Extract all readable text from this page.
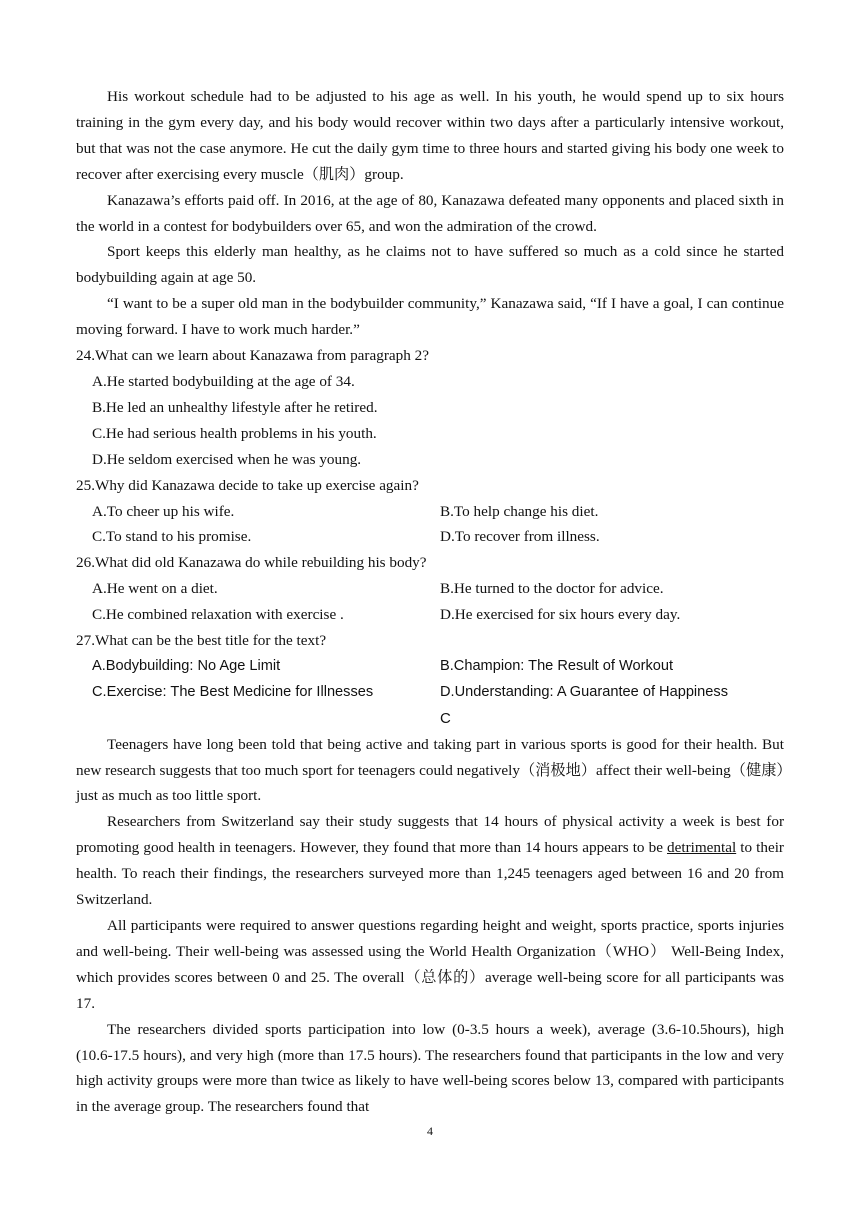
His workout schedule had to be adjusted to his age as well. In his youth, he would spend up to six hours training in the gym every day, and his body would recover within two days after a particularly intensive workout, but that was not the case anymore. He cut the daily gym time to three hours and started giving his body one week to recover after exercising every muscle（肌肉）group.

Kanazawa’s efforts paid off. In 2016, at the age of 80, Kanazawa defeated many opponents and placed sixth in the world in a contest for bodybuilders over 65, and won the admiration of the crowd.

Sport keeps this elderly man healthy, as he claims not to have suffered so much as a cold since he started bodybuilding again at age 50.

“I want to be a super old man in the bodybuilder community,” Kanazawa said, “If I have a goal, I can continue moving forward. I have to work much harder.”

24.What can we learn about Kanazawa from paragraph 2?

A.He started bodybuilding at the age of 34.

B.He led an unhealthy lifestyle after he retired.

C.He had serious health problems in his youth.

D.He seldom exercised when he was young.

25.Why did Kanazawa decide to take up exercise again?

A.To cheer up his wife.	B.To help change his diet.

C.To stand to his promise.	D.To recover from illness.

26.What did old Kanazawa do while rebuilding his body?

A.He went on a diet.	B.He turned to the doctor for advice.

C.He combined relaxation with exercise .	D.He exercised for six hours every day.

27.What can be the best title for the text?

A.Bodybuilding: No Age Limit	B.Champion: The Result of Workout

C.Exercise: The Best Medicine for Illnesses	D.Understanding: A Guarantee of Happiness

C

Teenagers have long been told that being active and taking part in various sports is good for their health. But new research suggests that too much sport for teenagers could negatively（消极地）affect their well-being（健康）just as much as too little sport.

Researchers from Switzerland say their study suggests that 14 hours of physical activity a week is best for promoting good health in teenagers. However, they found that more than 14 hours appears to be detrimental to their health. To reach their findings, the researchers surveyed more than 1,245 teenagers aged between 16 and 20 from Switzerland.

All participants were required to answer questions regarding height and weight, sports practice, sports injuries and well-being. Their well-being was assessed using the World Health Organization（WHO） Well-Being Index, which provides scores between 0 and 25. The overall（总体的）average well-being score for all participants was 17.

The researchers divided sports participation into low (0-3.5 hours a week), average (3.6-10.5hours), high (10.6-17.5 hours), and very high (more than 17.5 hours). The researchers found that participants in the low and very high activity groups were more than twice as likely to have well-being scores below 13, compared with participants in the average group. The researchers found that

4
